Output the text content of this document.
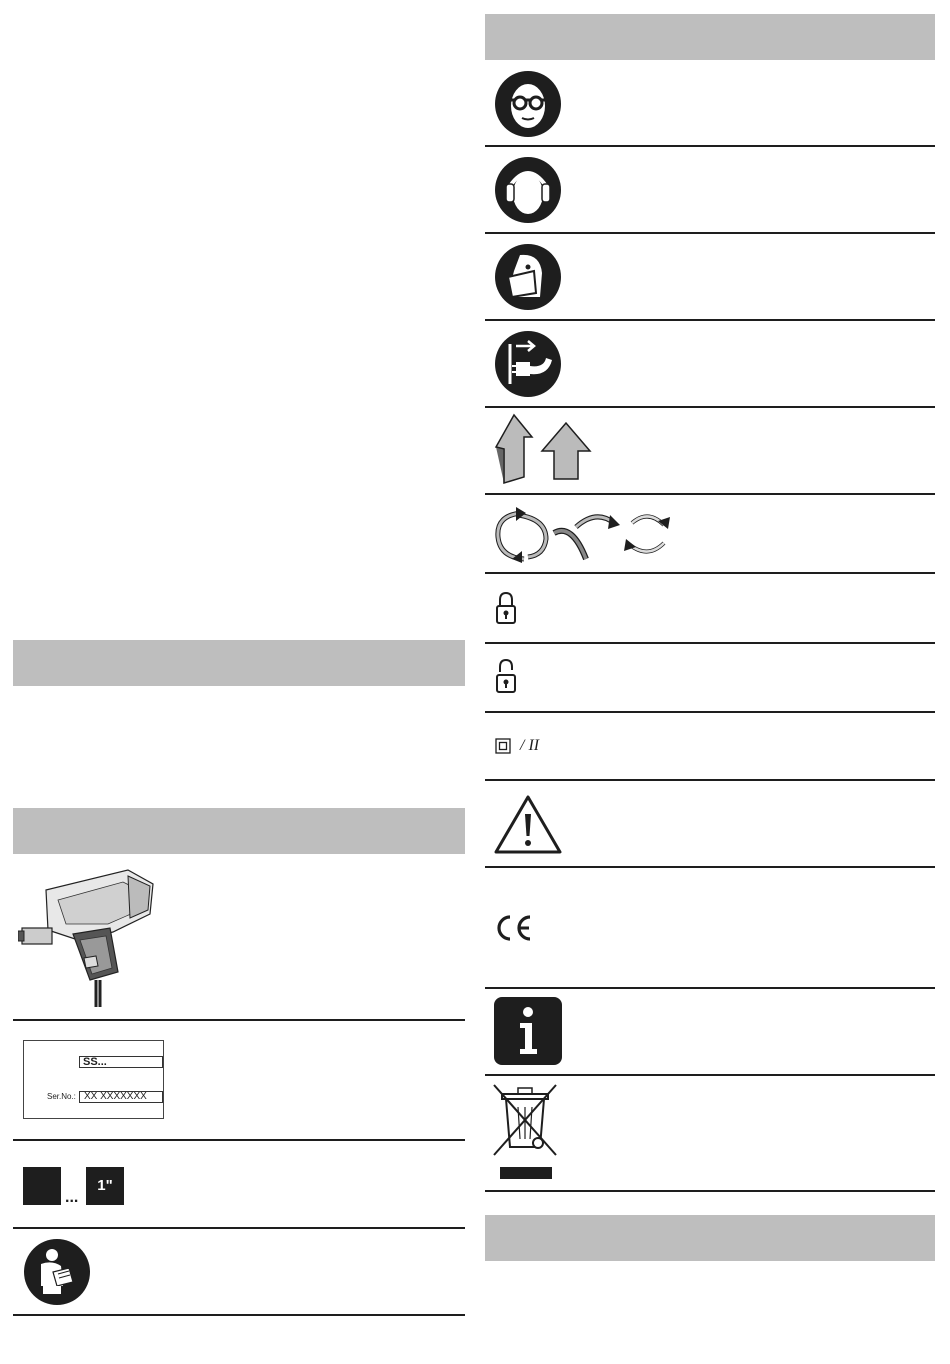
SS...
Ser.No.: XX XXXXXXX
...
1"
/ II
